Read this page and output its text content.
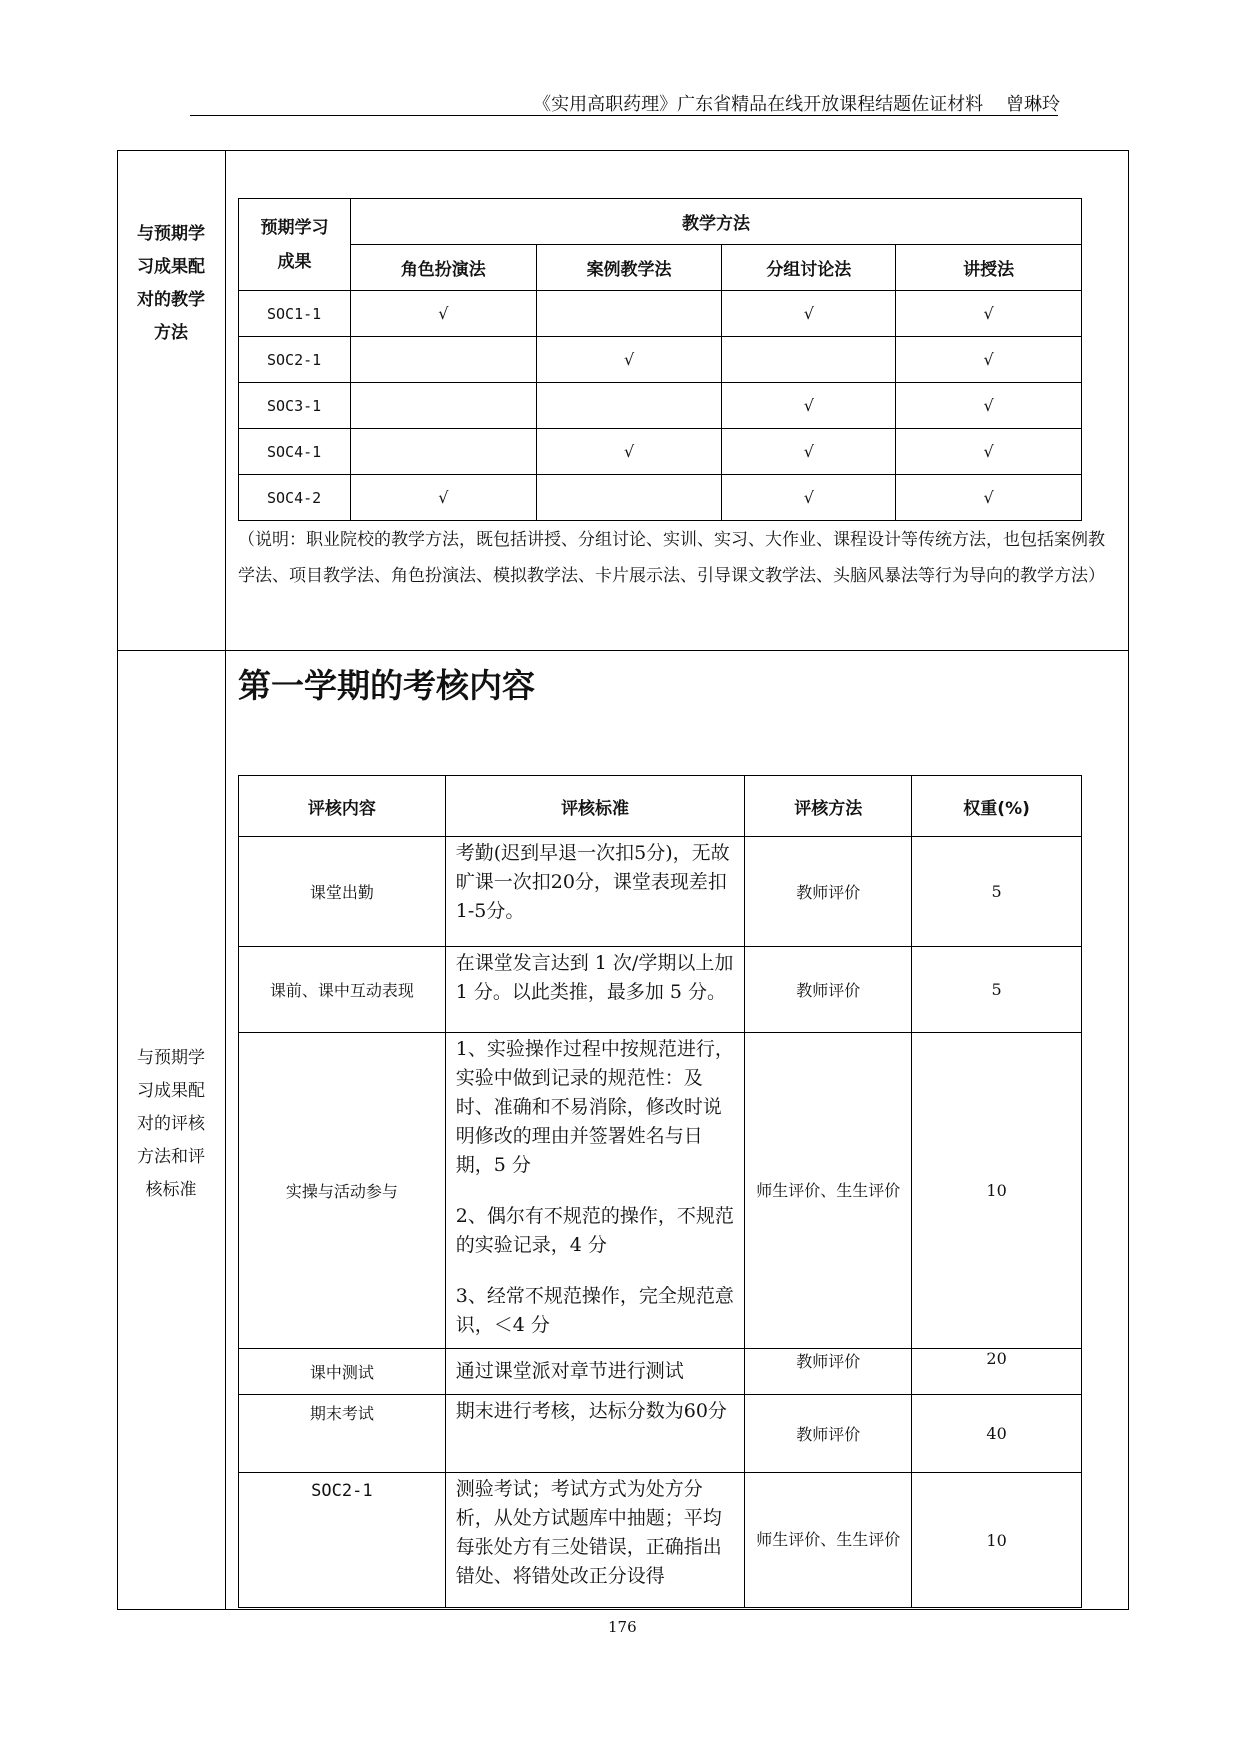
《实用高职药理》广东省精品在线开放课程结题佐证材料 曾琳玲
与预期学
习成果配
对的教学
方法
预期学习
成果	教学方法			
	角色扮演法	案例教学法	分组讨论法	讲授法
SOC1-1	√		√	√
SOC2-1		√		√
SOC3-1			√	√
SOC4-1		√	√	√
SOC4-2	√		√	√
（说明：职业院校的教学方法，既包括讲授、分组讨论、实训、实习、大作业、课程设计等传统方法，也包括案例教学法、项目教学法、角色扮演法、模拟教学法、卡片展示法、引导课文教学法、头脑风暴法等行为导向的教学方法）
与预期学
习成果配
对的评核
方法和评
核标准
第一学期的考核内容
评核内容	评核标准	评核方法	权重(%)
课堂出勤	考勤(迟到早退一次扣5分)，无故旷课一次扣20分，课堂表现差扣1-5分。	教师评价	5
课前、课中互动表现	在课堂发言达到 1 次/学期以上加 1 分。以此类推，最多加 5 分。	教师评价	5
实操与活动参与	1、实验操作过程中按规范进行，实验中做到记录的规范性：及时、准确和不易消除，修改时说明修改的理由并签署姓名与日期，5 分
2、偶尔有不规范的操作，不规范的实验记录，4 分
3、经常不规范操作，完全规范意识，＜4 分	师生评价、生生评价	10
课中测试	通过课堂派对章节进行测试	教师评价	20
期末考试	期末进行考核，达标分数为60分	教师评价	40
SOC2-1	测验考试；考试方式为处方分析，从处方试题库中抽题；平均每张处方有三处错误，正确指出错处、将错处改正分设得	师生评价、生生评价	10
176
